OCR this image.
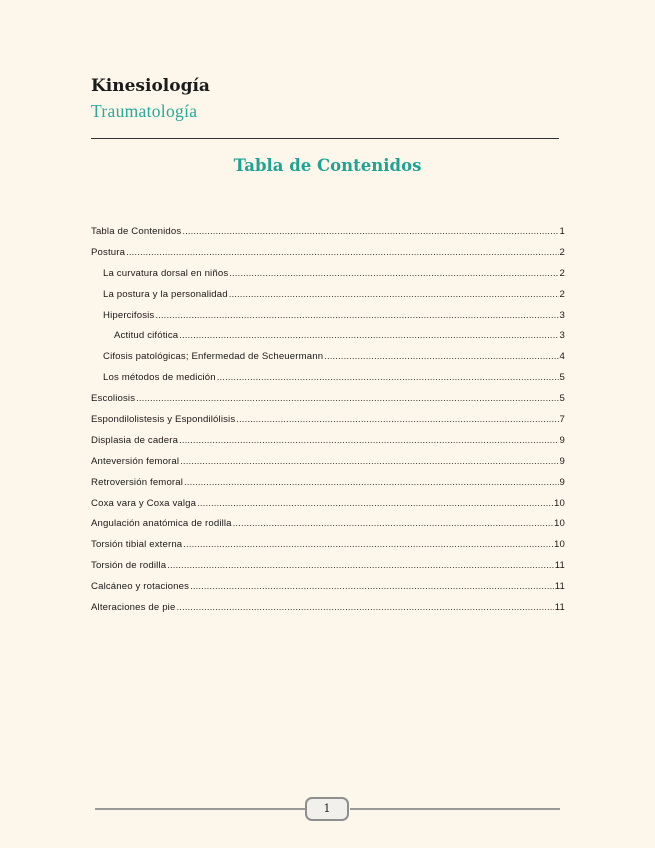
Kinesiología
Traumatología
Tabla de Contenidos
Tabla de Contenidos .....	1
Postura .....	2
La curvatura dorsal en niños .....	2
La postura y la personalidad .....	2
Hipercifosis .....	3
Actitud cifótica .....	3
Cifosis patológicas; Enfermedad de Scheuermann .....	4
Los métodos de medición .....	5
Escoliosis .....	5
Espondilolistesis y Espondilólisis .....	7
Displasia de cadera .....	9
Anteversión femoral .....	9
Retroversión femoral .....	9
Coxa vara y Coxa valga .....	10
Angulación anatómica de rodilla .....	10
Torsión tibial externa .....	10
Torsión de rodilla .....	11
Calcáneo y rotaciones .....	11
Alteraciones de pie .....	11
1
